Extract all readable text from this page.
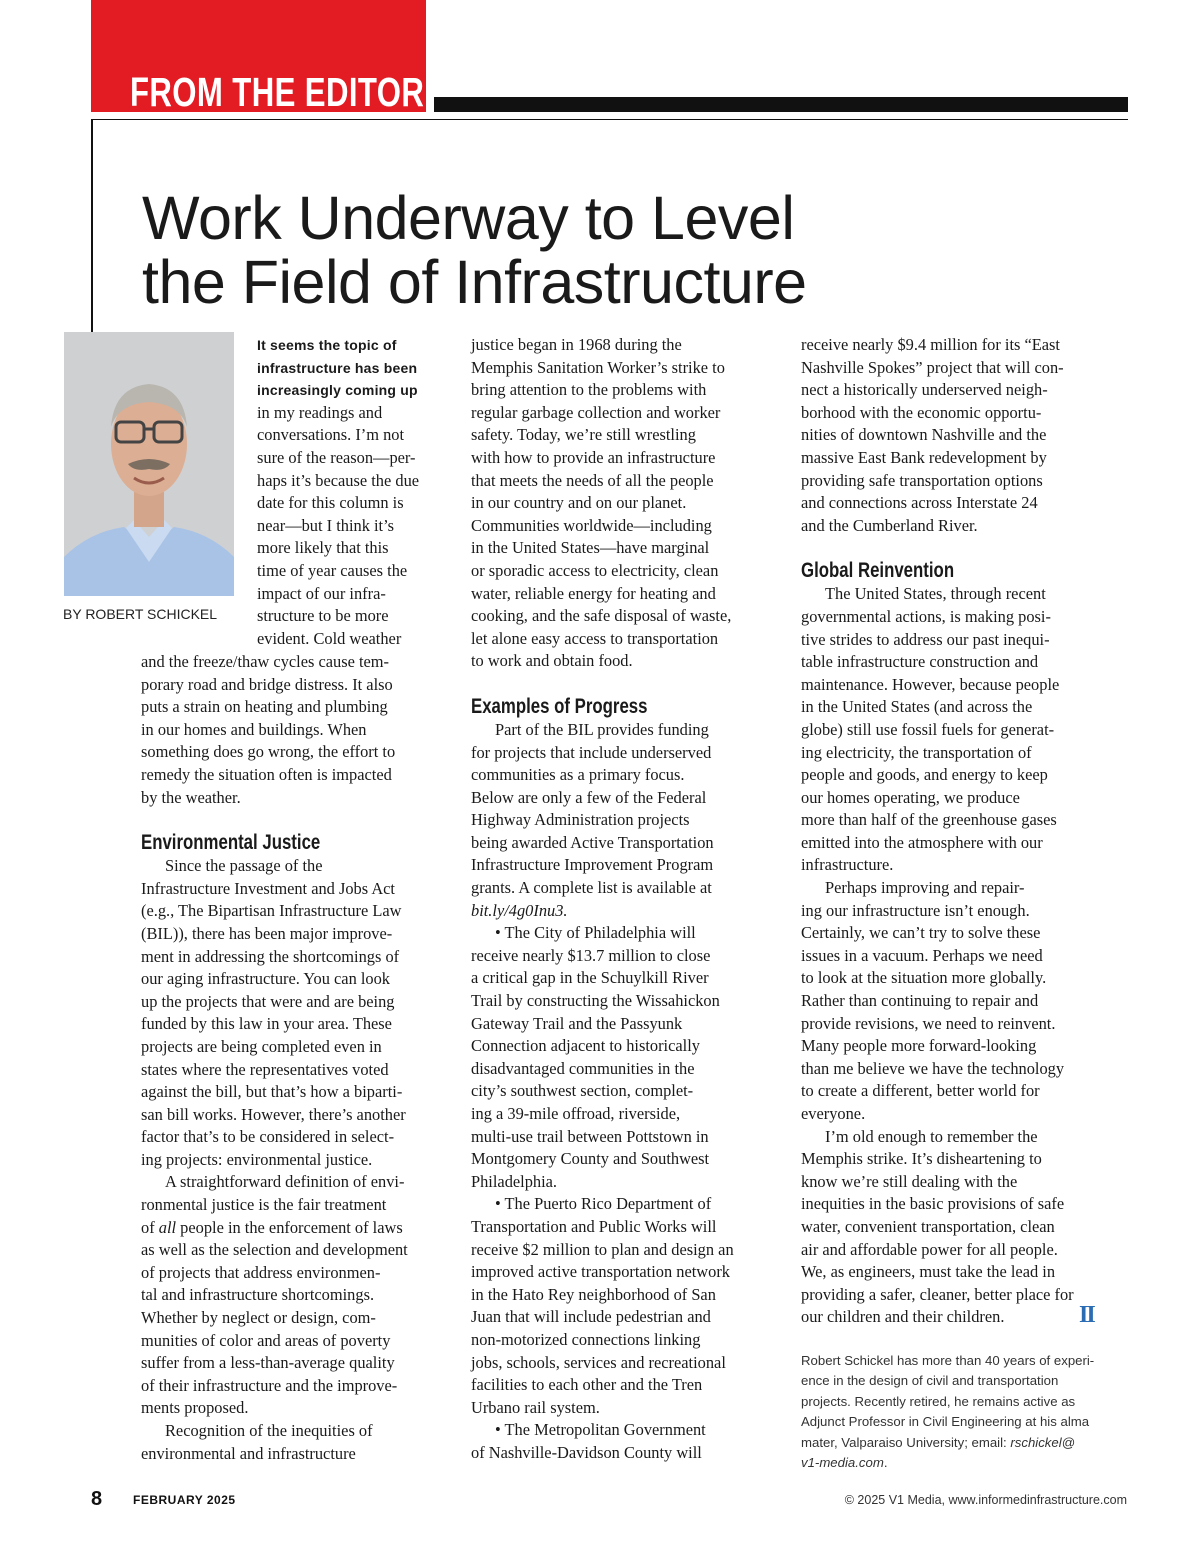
FROM THE EDITOR
Work Underway to Level
the Field of Infrastructure
BY ROBERT SCHICKEL
It seems the topic of
infrastructure has been
increasingly coming up
in my readings and
conversations. I’m not
sure of the reason—per-
haps it’s because the due
date for this column is
near—but I think it’s
more likely that this
time of year causes the
impact of our infra-
structure to be more
evident. Cold weather
and the freeze/thaw cycles cause tem-
porary road and bridge distress. It also
puts a strain on heating and plumbing
in our homes and buildings. When
something does go wrong, the effort to
remedy the situation often is impacted
by the weather.
Environmental Justice
Since the passage of the
Infrastructure Investment and Jobs Act
(e.g., The Bipartisan Infrastructure Law
(BIL)), there has been major improve-
ment in addressing the shortcomings of
our aging infrastructure. You can look
up the projects that were and are being
funded by this law in your area. These
projects are being completed even in
states where the representatives voted
against the bill, but that’s how a biparti-
san bill works. However, there’s another
factor that’s to be considered in select-
ing projects: environmental justice.
A straightforward definition of envi-
ronmental justice is the fair treatment
of all people in the enforcement of laws
as well as the selection and development
of projects that address environmen-
tal and infrastructure shortcomings.
Whether by neglect or design, com-
munities of color and areas of poverty
suffer from a less-than-average quality
of their infrastructure and the improve-
ments proposed.
Recognition of the inequities of
environmental and infrastructure
justice began in 1968 during the
Memphis Sanitation Worker’s strike to
bring attention to the problems with
regular garbage collection and worker
safety. Today, we’re still wrestling
with how to provide an infrastructure
that meets the needs of all the people
in our country and on our planet.
Communities worldwide—including
in the United States—have marginal
or sporadic access to electricity, clean
water, reliable energy for heating and
cooking, and the safe disposal of waste,
let alone easy access to transportation
to work and obtain food.
Examples of Progress
Part of the BIL provides funding
for projects that include underserved
communities as a primary focus.
Below are only a few of the Federal
Highway Administration projects
being awarded Active Transportation
Infrastructure Improvement Program
grants. A complete list is available at
bit.ly/4g0Inu3.
• The City of Philadelphia will
receive nearly $13.7 million to close
a critical gap in the Schuylkill River
Trail by constructing the Wissahickon
Gateway Trail and the Passyunk
Connection adjacent to historically
disadvantaged communities in the
city’s southwest section, complet-
ing a 39-mile offroad, riverside,
multi-use trail between Pottstown in
Montgomery County and Southwest
Philadelphia.
• The Puerto Rico Department of
Transportation and Public Works will
receive $2 million to plan and design an
improved active transportation network
in the Hato Rey neighborhood of San
Juan that will include pedestrian and
non-motorized connections linking
jobs, schools, services and recreational
facilities to each other and the Tren
Urbano rail system.
• The Metropolitan Government
of Nashville-Davidson County will
receive nearly $9.4 million for its “East
Nashville Spokes” project that will con-
nect a historically underserved neigh-
borhood with the economic opportu-
nities of downtown Nashville and the
massive East Bank redevelopment by
providing safe transportation options
and connections across Interstate 24
and the Cumberland River.
Global Reinvention
The United States, through recent
governmental actions, is making posi-
tive strides to address our past inequi-
table infrastructure construction and
maintenance. However, because people
in the United States (and across the
globe) still use fossil fuels for generat-
ing electricity, the transportation of
people and goods, and energy to keep
our homes operating, we produce
more than half of the greenhouse gases
emitted into the atmosphere with our
infrastructure.
Perhaps improving and repair-
ing our infrastructure isn’t enough.
Certainly, we can’t try to solve these
issues in a vacuum. Perhaps we need
to look at the situation more globally.
Rather than continuing to repair and
provide revisions, we need to reinvent.
Many people more forward-looking
than me believe we have the technology
to create a different, better world for
everyone.
I’m old enough to remember the
Memphis strike. It’s disheartening to
know we’re still dealing with the
inequities in the basic provisions of safe
water, convenient transportation, clean
air and affordable power for all people.
We, as engineers, must take the lead in
providing a safer, cleaner, better place for
our children and their children.	II
Robert Schickel has more than 40 years of experi-
ence in the design of civil and transportation
projects. Recently retired, he remains active as
Adjunct Professor in Civil Engineering at his alma
mater, Valparaiso University; email: rschickel@
v1-media.com.
8	FEBRUARY 2025	© 2025 V1 Media, www.informedinfrastructure.com
